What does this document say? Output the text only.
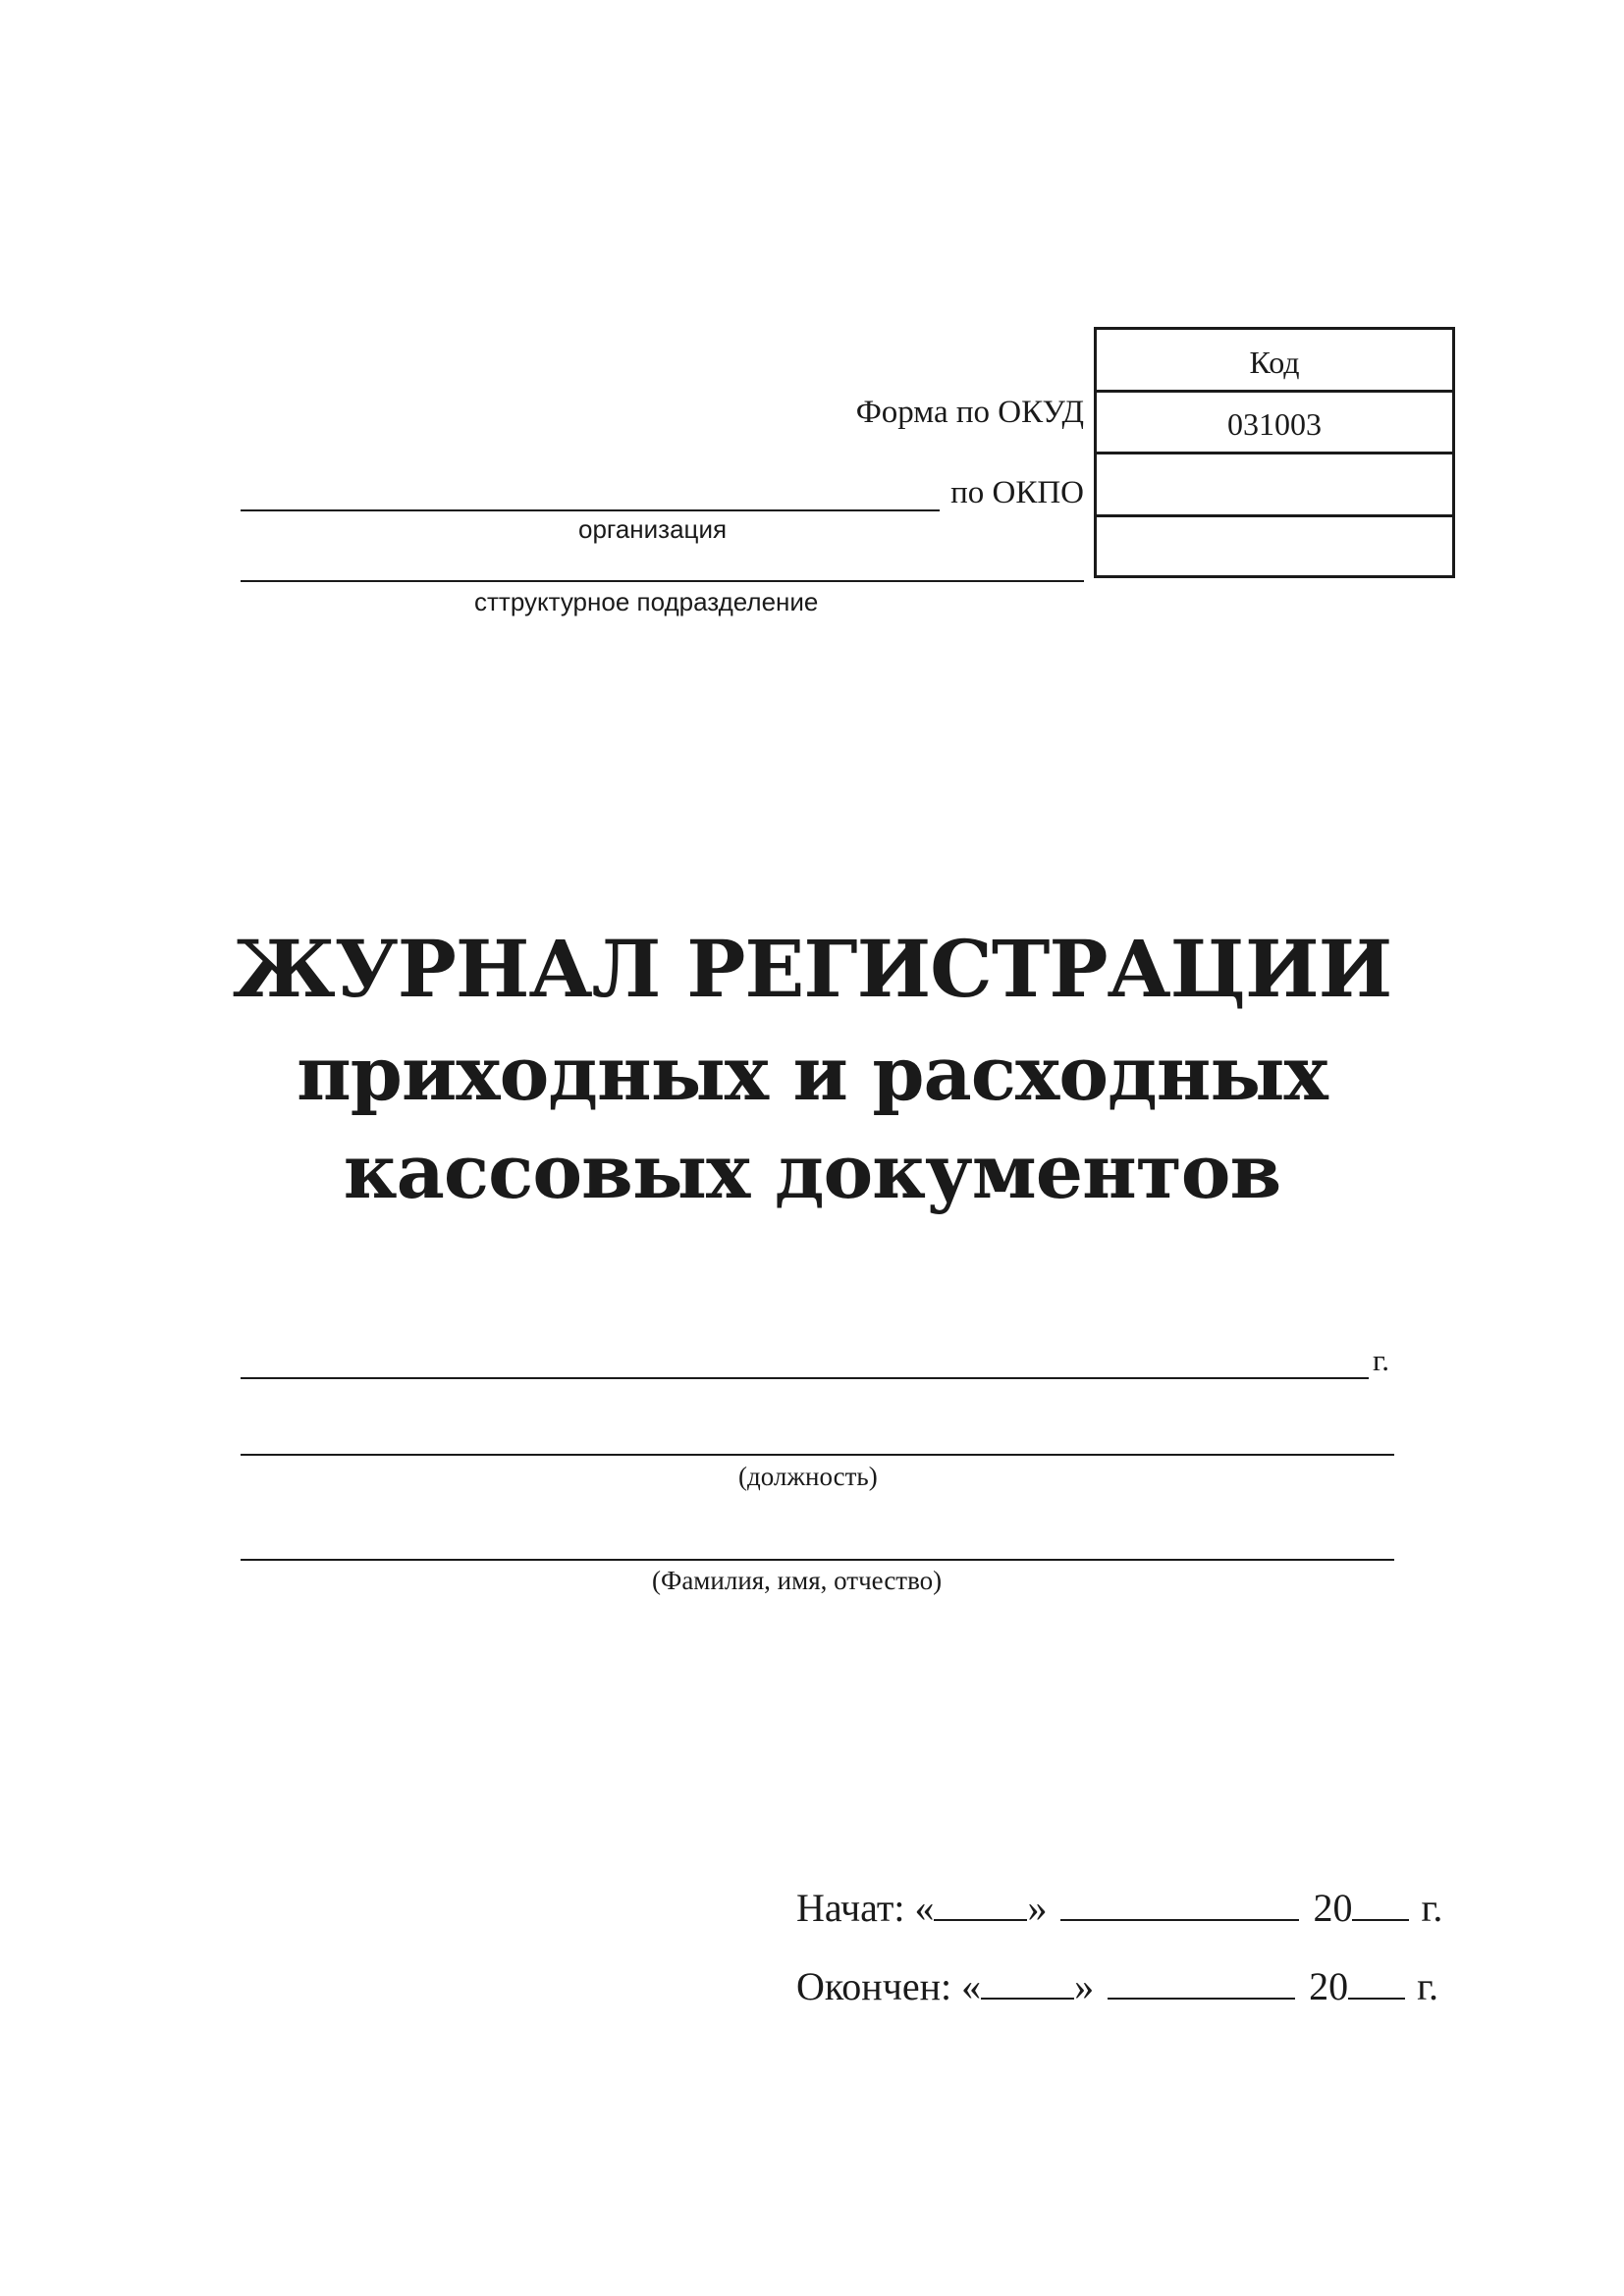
Код
031003
Форма по ОКУД
по ОКПО
организация
сттруктурное подразделение
ЖУРНАЛ РЕГИСТРАЦИИ
приходных и расходных
кассовых документов
г.
(должность)
(Фамилия, имя, отчество)
Начат: « »	20 г.
Окончен: « »	20 г.
